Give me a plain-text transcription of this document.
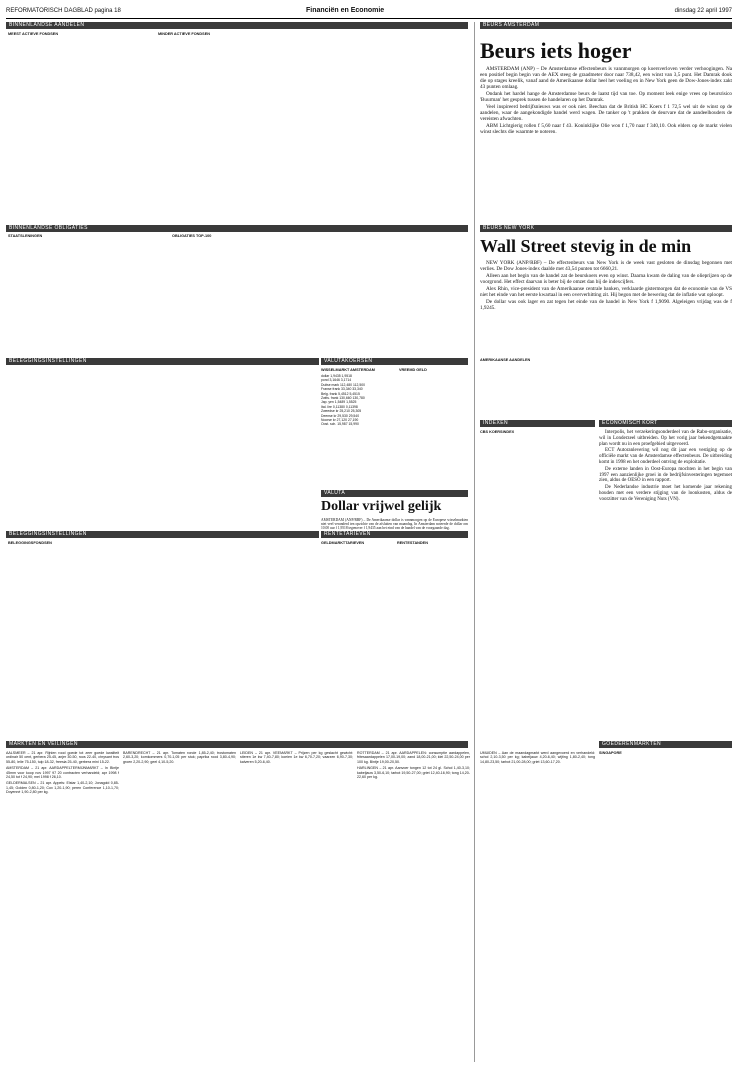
REFORMATORISCH DAGBLAD pagina 18	Financiën en Economie	dinsdag 22 april 1997
BINNENLANDSE AANDELEN	BEURS AMSTERDAM
BINNENLANDSE OBLIGATIES	BEURS NEW YORK
BELEGGINGSINSTELLINGEN	VALUTAKOERSEN
INDEXEN	ECONOMISCH KORT
VALUTA
BELEGGINGSINSTELLINGEN	RENTETARIEVEN
MARKTEN EN VEILINGEN	GOEDERENMARKTEN
MEEST ACTIEVE FONDSEN	MINDER ACTIEVE FONDSEN
Beurs iets hoger

AMSTERDAM (ANP) – De Amsterdamse effectenbeurs is vannmorgen op koersverloven verder verhoogingen. Na een positief begin begin van de AEX steeg de graadmeter door naar 738,42, een winst van 3,5 punt. Het Damrak dook die op stages kreelik, vanaf aand de Amerikaanse dollar heel het voeling en in New York geen de Dow-Jones-index zakt 43 punten omlaag.

Ondank het hardel hange de Amsterdamse beurs de laatst tijd van toe. Op moment leek enige vrees op beursrisico 'Buurman' het gesprek tussen de handelaren op het Damrak.

Veel inspireerd bedrijfsnieuws was er ook niet. Beechan dat de British HC Koers f 1 72,5 wel uit de winst op de aandelen, waar de aangekondigde handel werd wagen. De tanker op 't prakken de deurvare dat de aandeelhouders de vereisten afwachten.

ABM Lichtgierig rollen f 5,60 naar f 43. Koninklijke Olie won f 1,70 naar f 340,10. Ook elders op de markt vielen winst slechts die waarmte te noteren.

STAATSLENINGEN	OBLIGATIES TOP-100	Wall Street stevig in de min

NEW YORK (ANP/RBF) – De effectenbeurs van New York is de week vast gesloten de dinsdag begonnen met verlies. De Dow Jones-index daalde met 43,54 punten tot 6660,21.

Alleen aan het begin van de handel zat de beurskoers even op winst. Daarna kwam de daling van de olieprijzen op de voorgrond. Het effect daarvan is beter bij de omzet dan bij de indexcijfers.

Alex Rhin, vice-president van de Amerikaanse centrale banken, verklaarde gistermorgen dat de economie van de VS niet het einde van het eerste kwartaal in een oververhitting zit. Hij begon met de bewering dat de inflatie wat oploopt.

De dollar was ook lager en zat tegen het einde van de handel in New York f 1,9090. Algeleigen vrijdag was de f 1,9245.

AMERIKAANSE AANDELEN
WISSELMARKT AMSTERDAM	VREEMD GELD
dollar 1,9435 1,9518
pond 3,1646 3,1714
Duitse mark 112,480 112,500
Franse frank 33,340 33,340
Belg. frank 5,4512 5,4515
Zwits. frank 130,660 130,780
Jap. yen 1,5489 1,5525
Ital. lire 0,11380 0,11398
Zweedse kr 25,210 25,305
Deense kr 29,530 29,540
Noorse kr 27,120 27,190
Oost. sch. 15,987 15,990
CBS KOERSINDEX	Interpolis, het verzekeringsonderdeel van de Rabo-organisatie, wil in Londerzeel uitbreiden. Op het vorig jaar bekendgemaakte plan wordt nu in een proefgebied uitgevoerd.

ECT Autoranlevering wil nog dit jaar een vestiging op de officiële markt van de Amsterdamse effectenbeurs. De uitbreiding komt in 1998 en het onderdeel ontving de exploitatie.

De externe landen in Oost-Europa mochten in het begin van 1997 een aanzienlijke groei in de bedrijfsinvesteringen tegemoet zien, aldus de OESO in een rapport.

De Nederlandse industrie moet het komende jaar rekening houden met een verdere stijging van de loonkosten, aldus de voorzitter van de Vereniging Nuts (VN).

Dollar vrijwel gelijk

AMSTERDAM (ANP/RBF) – De Amerikaanse dollar is vannmorgen op de Europese wisselmarkten niet veel veranderd ten opzichte van de afsluiten van maandag. In Amsterdam noteerde de dollar om 10.00 uur f 1,9518 tegenover f 1,9435 aan het eind van de handel van de voorgaande dag.

BELEGGINGSFONDSEN	GELDMARKTTARIEVEN	RENTESTANDEN

AALSMEER – 21 apr. Rijnlen rood goede tot zeer goede kwaliteit ordinair 50 cent, gerbera 25-45, anjer 30-50, roos 22-40, chrysant tros 55-80, lelie 75-150, tulp 18-32, freesia 25-40, gerbera mini 15-22.

AMSTERDAM – 21 apr. AARDAPPELTERMIJNMARKT – In Bintje 45mm voor koop nov 1997 97 20 contracten verhandeld; apr 1998 f 24,50 tot f 24,90; mei 1998 f 26,10.

GELDERMALSEN – 21 apr. Appels: Elstar 1,40-2,10; Jonagold 0,85-1,45; Golden 0,80-1,20; Cox 1,20-1,90; peren Conference 1,10-1,70; Doyenné 1,90-2,80 per kg.

BARENDRECHT – 21 apr. Tomaten ronde 1,85-2,40; trostomaten 2,60-3,20; komkommers 0,70-1,05 per stuk; paprika rood 3,80-4,90; groen 2,20-2,90; geel 4,10-5,20.

LEIDEN – 21 apr. VEEMARKT – Prijzen per kg geslacht gewicht: stieren 1e kw 7,40-7,80; koeien 1e kw 6,70-7,20; vaarzen 6,90-7,30; kalveren 5,20-6,40.

ROTTERDAM – 21 apr. AARDAPPELEN: consumptie aardappelen, fritesaardappelen 17,00-19,00; zand 18,00-21,00; klei 22,50-24,00 per 100 kg. Bintje 19,00-20,50.

HARLINGEN – 21 apr. Aanvoer tongen 12 tot 24 gl. Schol 1,40-3,10; kabeljauw 3,50-6,10; tarbot 19,50-27,00; griet 12,40-16,90; tong 14,20-22,60 per kg.

UMUIDEN – Aan de maandagmarkt werd aangevoerd en verhandeld: schol 2,10-3,50 per kg; kabeljauw 4,20-6,40; wijting 1,80-2,40; tong 14,80-23,50; tarbot 21,00-28,00; griet 13,60-17,20.

SINGAPORE
